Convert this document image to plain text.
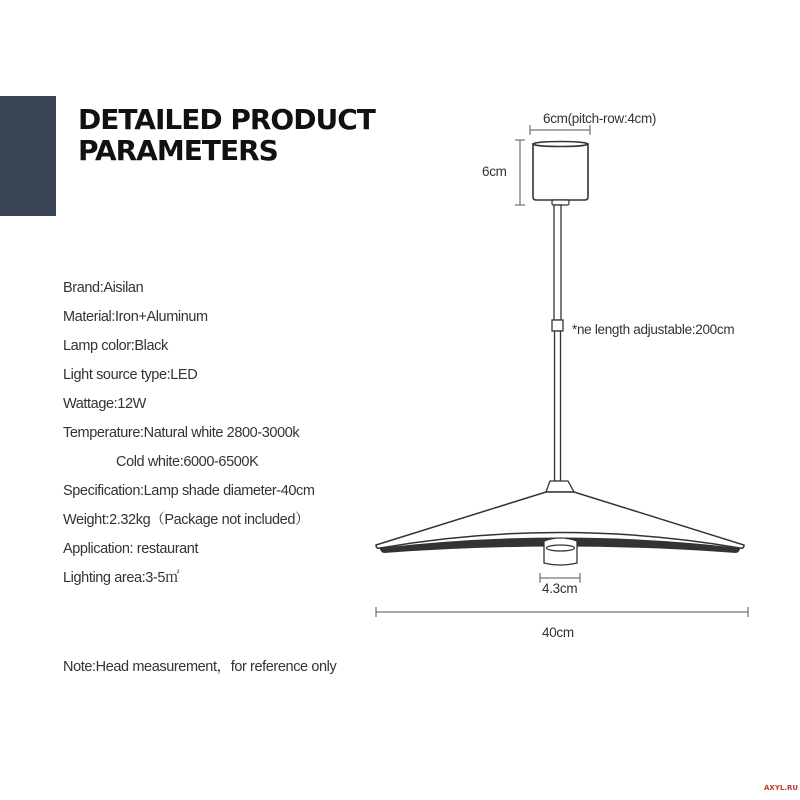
DETAILED PRODUCT
PARAMETERS
Brand:Aisilan
Material:Iron+Aluminum
Lamp color:Black
Light source type:LED
Wattage:12W
Temperature:Natural white 2800-3000k
Cold white:6000-6500K
Specification:Lamp shade diameter-40cm
Weight:2.32kg（Package not included）
Application: restaurant
Lighting area:3-5㎡
Note:Head measurement，for reference only
6cm(pitch-row:4cm)
6cm
*ne length adjustable:200cm
4.3cm
40cm
AXYL.RU
